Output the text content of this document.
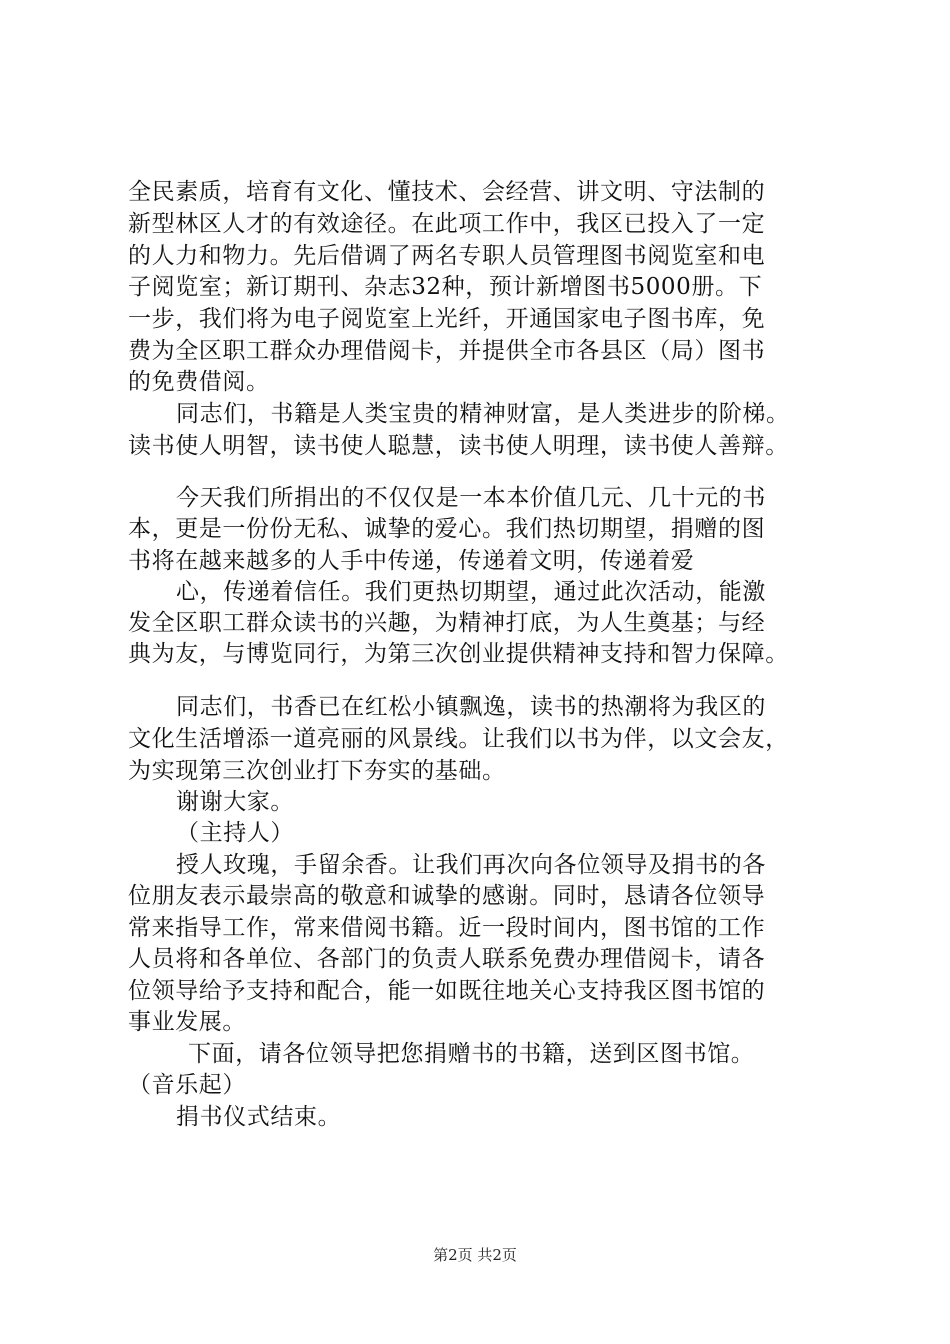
全民素质，培育有文化、懂技术、会经营、讲文明、守法制的
新型林区人才的有效途径。在此项工作中，我区已投入了一定
的人力和物力。先后借调了两名专职人员管理图书阅览室和电
子阅览室；新订期刊、杂志32种，预计新增图书5000册。下
一步，我们将为电子阅览室上光纤，开通国家电子图书库，免
费为全区职工群众办理借阅卡，并提供全市各县区（局）图书
的免费借阅。
同志们，书籍是人类宝贵的精神财富，是人类进步的阶梯。
读书使人明智，读书使人聪慧，读书使人明理，读书使人善辩。
今天我们所捐出的不仅仅是一本本价值几元、几十元的书
本，更是一份份无私、诚挚的爱心。我们热切期望，捐赠的图
书将在越来越多的人手中传递，传递着文明，传递着爱
心，传递着信任。我们更热切期望，通过此次活动，能激
发全区职工群众读书的兴趣，为精神打底，为人生奠基；与经
典为友，与博览同行，为第三次创业提供精神支持和智力保障。
同志们，书香已在红松小镇飘逸，读书的热潮将为我区的
文化生活增添一道亮丽的风景线。让我们以书为伴，以文会友，
为实现第三次创业打下夯实的基础。
谢谢大家。
（主持人）
授人玫瑰，手留余香。让我们再次向各位领导及捐书的各
位朋友表示最崇高的敬意和诚挚的感谢。同时，恳请各位领导
常来指导工作，常来借阅书籍。近一段时间内，图书馆的工作
人员将和各单位、各部门的负责人联系免费办理借阅卡，请各
位领导给予支持和配合，能一如既往地关心支持我区图书馆的
事业发展。
下面，请各位领导把您捐赠书的书籍，送到区图书馆。
（音乐起）
捐书仪式结束。
第2页 共2页
